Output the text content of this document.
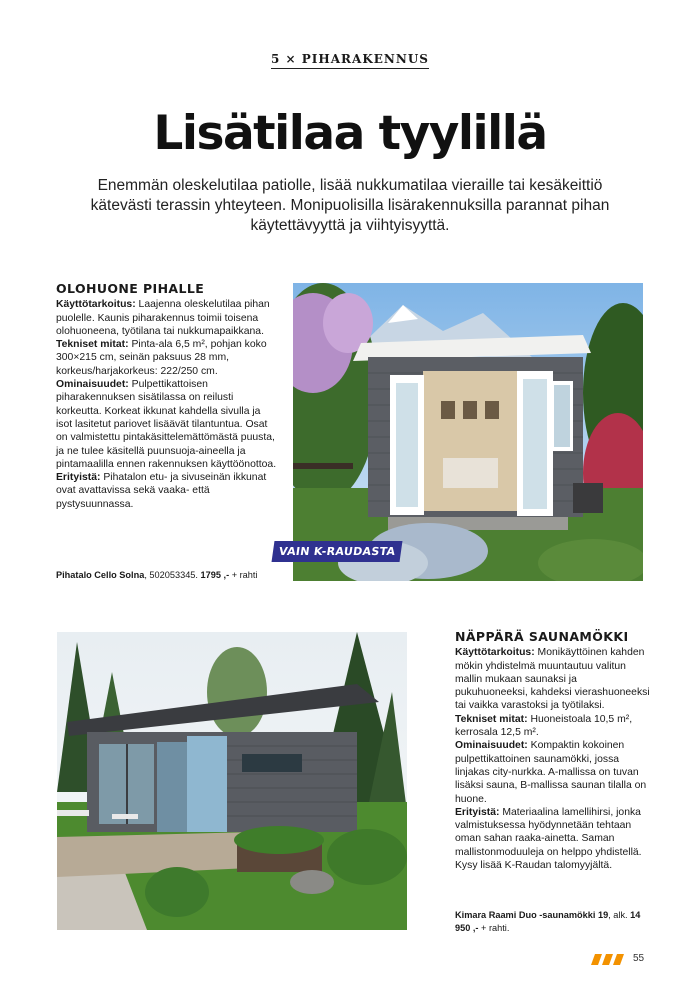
5 × PIHARAKENNUS
Lisätilaa tyylillä

Enemmän oleskelutilaa patiolle, lisää nukkumatilaa vieraille tai kesäkeittiö kätevästi terassin yhteyteen. Monipuolisilla lisärakennuksilla parannat pihan käytettävyyttä ja viihtyisyyttä.

OLOHUONE PIHALLE

Käyttötarkoitus: Laajenna oleskelutilaa pihan puolelle. Kaunis piharakennus toimii toisena olohuoneena, työtilana tai nukkumapaikkana.

Tekniset mitat: Pinta-ala 6,5 m², pohjan koko 300×215 cm, seinän paksuus 28 mm, korkeus/harjakorkeus: 222/250 cm.

Ominaisuudet: Pulpettikattoisen piharakennuksen sisätilassa on reilusti korkeutta. Korkeat ikkunat kahdella sivulla ja isot lasitetut pariovet lisäävät tilantuntua. Osat on valmistettu pintakäsittelemättömästä puusta, ja ne tulee käsitellä puunsuoja-aineella ja pintamaalilla ennen rakennuksen käyttöönottoa.

Erityistä: Pihatalon etu- ja sivuseinän ikkunat ovat avattavissa sekä vaaka- että pystysuunnassa.

Pihatalo Cello Solna, 502053345. 1795 ,- + rahti
VAIN K-RAUDASTA
NÄPPÄRÄ SAUNAMÖKKI

Käyttötarkoitus: Monikäyttöinen kahden mökin yhdistelmä muuntautuu valitun mallin mukaan saunaksi ja pukuhuoneeksi, kahdeksi vierashuoneeksi tai vaikka varastoksi ja työtilaksi.

Tekniset mitat: Huoneistoala 10,5 m², kerrosala 12,5 m².

Ominaisuudet: Kompaktin kokoinen pulpettikattoinen saunamökki, jossa linjakas city-nurkka. A-mallissa on tuvan lisäksi sauna, B-mallissa saunan tilalla on huone.

Erityistä: Materiaalina lamellihirsi, jonka valmistuksessa hyödynnetään tehtaan oman sahan raaka-ainetta. Saman mallistonmoduuleja on helppo yhdistellä. Kysy lisää K-Raudan talomyyjältä.

Kimara Raami Duo -saunamökki 19, alk. 14 950 ,- + rahti.
55
